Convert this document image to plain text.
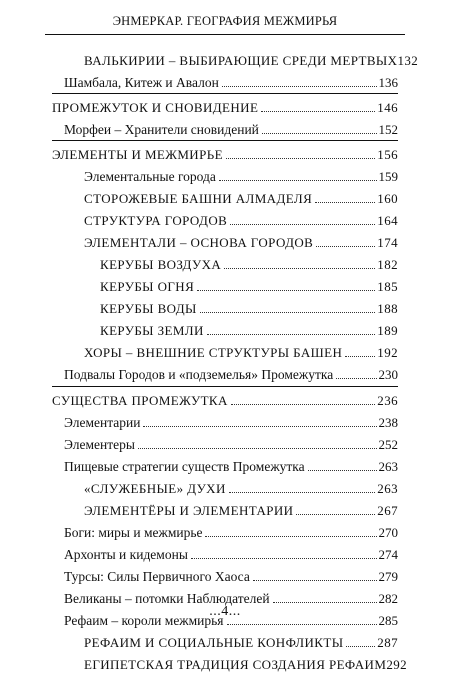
ЭНМЕРКАР. ГЕОГРАФИЯ МЕЖМИРЬЯ
ВАЛЬКИРИИ – ВЫБИРАЮЩИЕ СРЕДИ МЕРТВЫХ 132
Шамбала, Китеж и Авалон	136
ПРОМЕЖУТОК И СНОВИДЕНИЕ	146
Морфеи – Хранители сновидений	152
ЭЛЕМЕНТЫ И МЕЖМИРЬЕ	156
Элементальные города	159
СТОРОЖЕВЫЕ БАШНИ АЛМАДЕЛЯ	160
СТРУКТУРА ГОРОДОВ	164
ЭЛЕМЕНТАЛИ – ОСНОВА ГОРОДОВ	174
КЕРУБЫ ВОЗДУХА	182
КЕРУБЫ ОГНЯ	185
КЕРУБЫ ВОДЫ	188
КЕРУБЫ ЗЕМЛИ	189
ХОРЫ – ВНЕШНИЕ СТРУКТУРЫ БАШЕН	192
Подвалы Городов и «подземелья» Промежутка	230
СУЩЕСТВА ПРОМЕЖУТКА	236
Элементарии	238
Элементеры	252
Пищевые стратегии существ Промежутка	263
«СЛУЖЕБНЫЕ» ДУХИ	263
ЭЛЕМЕНТЁРЫ И ЭЛЕМЕНТАРИИ	267
Боги: миры и межмирье	270
Архонты и кидемоны	274
Турсы: Силы Первичного Хаоса	279
Великаны – потомки Наблюдателей	282
Рефаим – короли межмирья	285
РЕФАИМ И СОЦИАЛЬНЫЕ КОНФЛИКТЫ	287
ЕГИПЕТСКАЯ ТРАДИЦИЯ СОЗДАНИЯ РЕФАИМ 292
...4...
